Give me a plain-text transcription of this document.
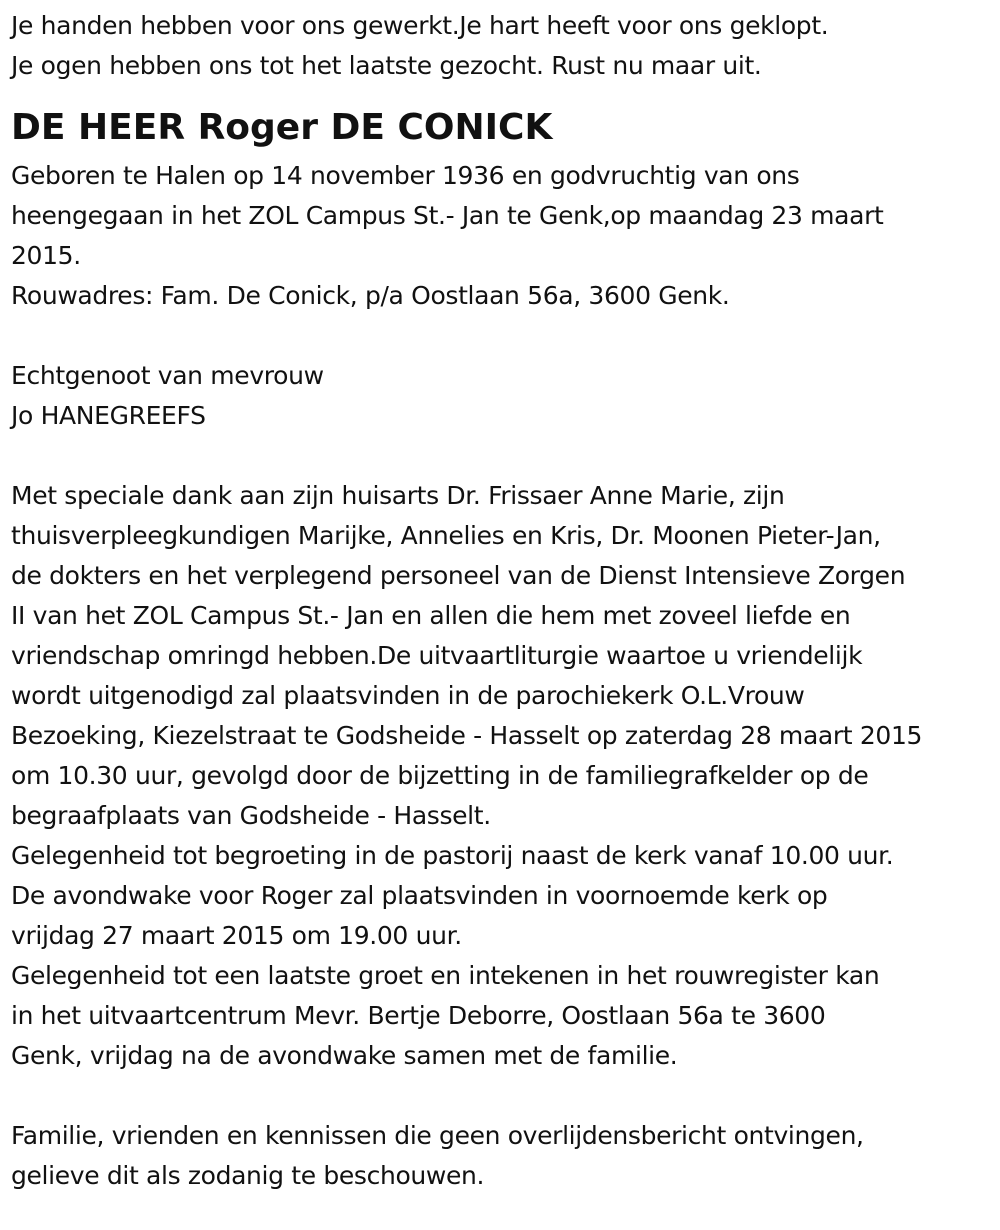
Je handen hebben voor ons gewerkt.Je hart heeft voor ons geklopt.
Je ogen hebben ons tot het laatste gezocht. Rust nu maar uit.
DE HEER Roger DE CONICK
Geboren te Halen op 14 november 1936 en godvruchtig van ons
heengegaan in het ZOL Campus St.- Jan te Genk,op maandag 23 maart
2015.
Rouwadres: Fam. De Conick, p/a Oostlaan 56a, 3600 Genk.
Echtgenoot van mevrouw
Jo HANEGREEFS
Met speciale dank aan zijn huisarts Dr. Frissaer Anne Marie, zijn
thuisverpleegkundigen Marijke, Annelies en Kris, Dr. Moonen Pieter-Jan,
de dokters en het verplegend personeel van de Dienst Intensieve Zorgen
II van het ZOL Campus St.- Jan en allen die hem met zoveel liefde en
vriendschap omringd hebben.De uitvaartliturgie waartoe u vriendelijk
wordt uitgenodigd zal plaatsvinden in de parochiekerk O.L.Vrouw
Bezoeking, Kiezelstraat te Godsheide - Hasselt op zaterdag 28 maart 2015
om 10.30 uur, gevolgd door de bijzetting in de familiegrafkelder op de
begraafplaats van Godsheide - Hasselt.
Gelegenheid tot begroeting in de pastorij naast de kerk vanaf 10.00 uur.
De avondwake voor Roger zal plaatsvinden in voornoemde kerk op
vrijdag 27 maart 2015 om 19.00 uur.
Gelegenheid tot een laatste groet en intekenen in het rouwregister kan
in het uitvaartcentrum Mevr. Bertje Deborre, Oostlaan 56a te 3600
Genk, vrijdag na de avondwake samen met de familie.
Familie, vrienden en kennissen die geen overlijdensbericht ontvingen,
gelieve dit als zodanig te beschouwen.
